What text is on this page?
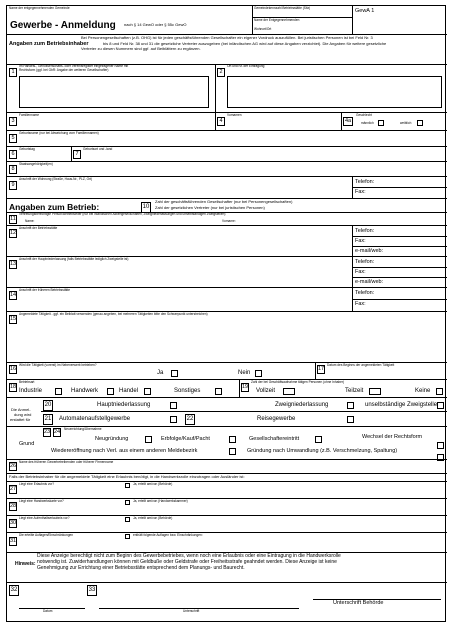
Name der entgegennehmenden Gemeinde	Gemeindekennzahl Betriebsstätte (Sitz)	GewA 1
Name der Entgegennehmenden
Wohnort/Ort
Gewerbe - Anmeldung nach § 14 GewO oder § 55c GewO
Bei Personengesellschaften (z.B. OHG) ist für jeden geschäftsführenden Gesellschafter ein eigener Vordruck auszufüllen. Bei juristischen Personen ist bei Feld Nr. 3
Angaben zum Betriebsinhaber	bis 8 und Feld Nr. 38 und 31 die gesetzliche Vertreter auszugeben (bei inländischen AG wird auf diese Angaben verzichtet). Die Angaben für weitere gesetzliche
Vertreter zu diesen Nummern sind ggf. auf Beiblättern zu ergänzen.
1
Im Handels-, Genossenschafts- oder Vereinsregister eingetragener Name mit Rechtsform (ggf. bei GbR: Angabe der weiteren Gesellschafter)	2
Ort und Nr. der Eintragung
3
Familienname
4
Vornamen
4a
Geschlecht
männlich	weiblich
5
Geburtsname (nur bei Abweichung vom Familiennamen)
6
Geburtstag
7
Geburtsort und -land
8
Staatsangehörigkeit(en)
9
Anschrift der Wohnung (Straße, Haus-Nr., PLZ, Ort)	Telefon:
Fax:
Angaben zum Betrieb:	10
Zahl der geschäftsführenden Gesellschafter (nur bei Personengesellschaften)
Zahl der gesetzlichen Vertreter (nur bei juristischen Personen)
11
Vertretungsberechtigte Person/Betriebsleiter (nur bei inländischen Aktiengesellschaften, Zweigniederlassungen und unselbständigen Zweigstellen)
Name:	Vorname:
12
Anschrift der Betriebsstätte	Telefon:
Fax:
e-mail/web:
13
Anschrift der Hauptniederlassung (falls Betriebsstätte lediglich Zweigstelle ist)	Telefon:
Fax:
e-mail/web:
14
Anschrift der früheren Betriebsstätte	Telefon:
Fax:
15
Angemeldete Tätigkeit - ggf. ein Beiblatt verwenden (genau angeben, bei mehreren Tätigkeiten bitte den Schwerpunkt unterstreichen)
16
Wird die Tätigkeit (vorerst) im Nebenerwerb betrieben?
Ja	Nein
17
Datum des Beginns der angemeldeten Tätigkeit
18
Betriebsart
Industrie	Handwerk	Handel	Sonstiges
19
Zahl der bei Geschäftsaufnahme tätigen Personen (ohne Inhaber)
Vollzeit	Teilzeit	Keine
Die Anmel-
dung wird
erstattet für
20	Hauptniederlassung	Zweigniederlassung	unselbständige Zweigstelle
21 Automatenaufstellgewerbe	22	Reisegewerbe
23 24 Neuerrichtung/Übernahme
Grund
Neugründung	Erbfolge/Kauf/Pacht	Gesellschaftereintritt	Wechsel der Rechtsform
Wiedereröffnung nach Verl. aus einem anderen Meldebezirk	Gründung nach Umwandlung (z.B. Verschmelzung, Spaltung)
26
Name des früheren Gewerbetreibenden oder früherer Firmenname
Falls der Betriebsinhaber für die angemeldete Tätigkeit eine Erlaubnis benötigt, in die Handwerksrolle einzutragen oder Ausländer ist:
27
Liegt eine Erlaubnis vor?	Ja, erteilt am/von (Behörde)
28
Liegt eine Handwerkskarte vor?	Ja, erteilt am/von (Handwerkskammer)
30
Liegt eine Aufenthaltserlaubnis vor?	Ja, erteilt am/von (Behörde)
31
Die erteilte Auflagen/Einschränkungen	enthält folgende Auflagen bzw. Einschränkungen:
Hinweis:
Diese Anzeige berechtigt nicht zum Beginn des Gewerbebetriebes, wenn noch eine Erlaubnis oder eine Eintragung in die Handwerksrolle notwendig ist. Zuwiderhandlungen können mit Geldbuße oder Geldstrafe oder Freiheitsstrafe geahndet werden. Diese Anzeige ist keine Genehmigung zur Errichtung einer Betriebsstätte entsprechend dem Planungs- und Baurecht.
32	33
Datum	Unterschrift
Unterschrift Behörde
